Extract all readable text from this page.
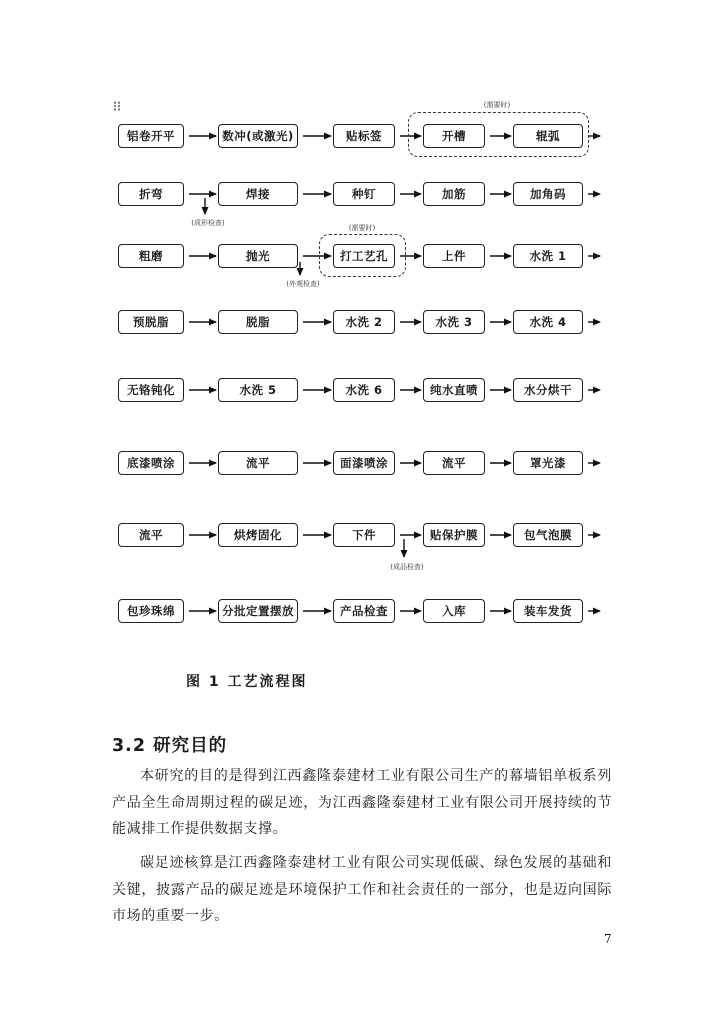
铝卷开平	数冲(或激光)	贴标签	开槽	辊弧
折弯	焊接	种钉	加筋	加角码
粗磨	抛光	打工艺孔	上件	水洗 1
预脱脂	脱脂	水洗 2	水洗 3	水洗 4
无铬钝化	水洗 5	水洗 6	纯水直喷	水分烘干
底漆喷涂	流平	面漆喷涂	流平	罩光漆
流平	烘烤固化	下件	贴保护膜	包气泡膜
包珍珠绵	分批定置摆放	产品检查	入库	装车发货
(需要时)
(需要时)
(成形检查)
(外观检查)
(成品检查)
图 1 工艺流程图
3.2 研究目的

本研究的目的是得到江西鑫隆泰建材工业有限公司生产的幕墙铝单板系列产品全生命周期过程的碳足迹，为江西鑫隆泰建材工业有限公司开展持续的节能减排工作提供数据支撑。

碳足迹核算是江西鑫隆泰建材工业有限公司实现低碳、绿色发展的基础和关键，披露产品的碳足迹是环境保护工作和社会责任的一部分，也是迈向国际市场的重要一步。

7
